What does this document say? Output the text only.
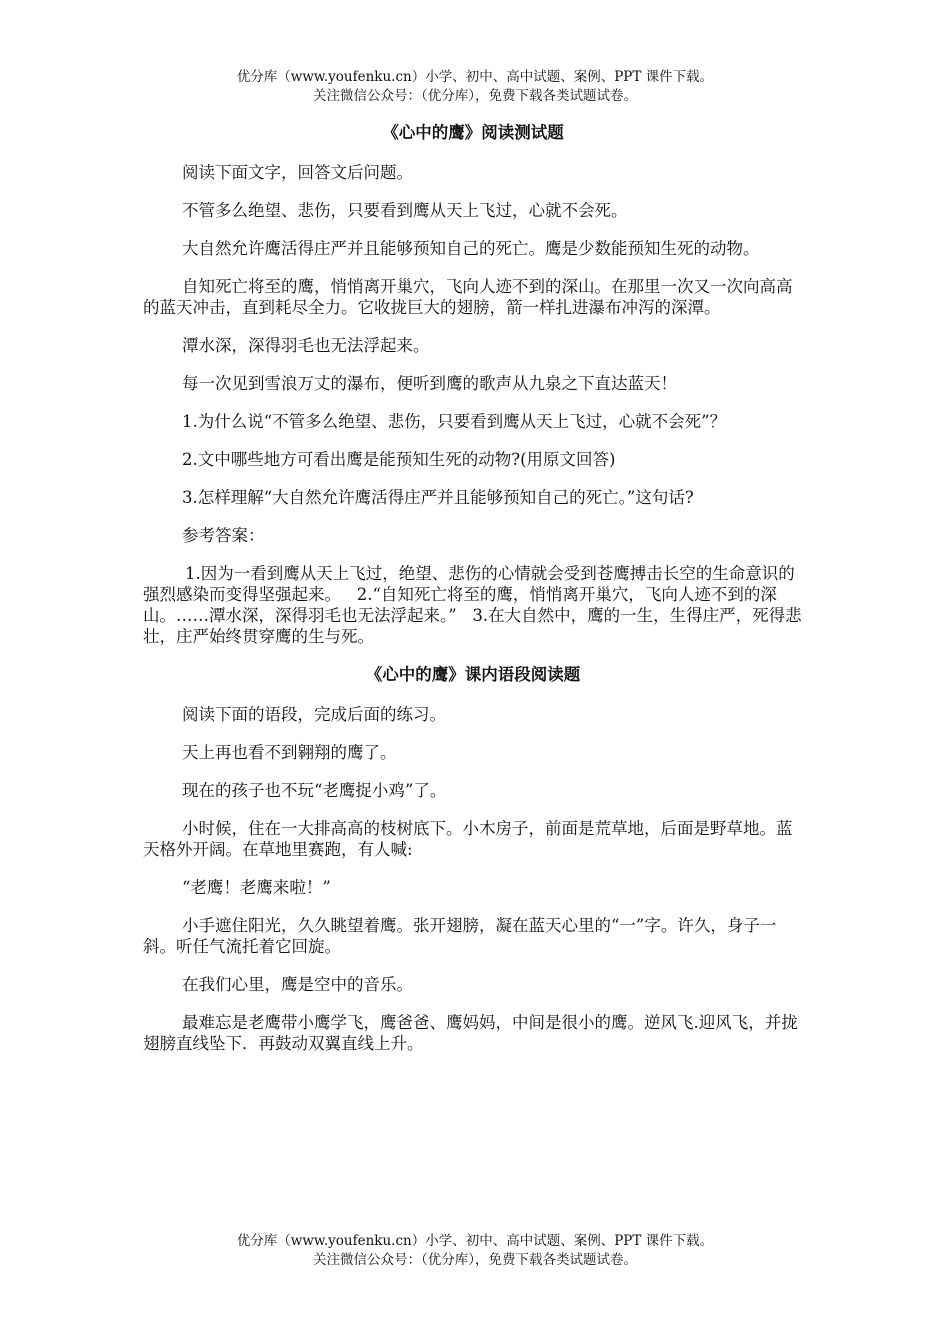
优分库（www.youfenku.cn）小学、初中、高中试题、案例、PPT 课件下载。
关注微信公众号：（优分库），免费下载各类试题试卷。
《心中的鹰》阅读测试题
阅读下面文字，回答文后问题。
不管多么绝望、悲伤，只要看到鹰从天上飞过，心就不会死。
大自然允许鹰活得庄严并且能够预知自己的死亡。鹰是少数能预知生死的动物。
自知死亡将至的鹰，悄悄离开巢穴，飞向人迹不到的深山。在那里一次又一次向高高的蓝天冲击，直到耗尽全力。它收拢巨大的翅膀，箭一样扎进瀑布冲泻的深潭。
潭水深，深得羽毛也无法浮起来。
每一次见到雪浪万丈的瀑布，便听到鹰的歌声从九泉之下直达蓝天！
1.为什么说“不管多么绝望、悲伤，只要看到鹰从天上飞过，心就不会死”？
2.文中哪些地方可看出鹰是能预知生死的动物?(用原文回答)
3.怎样理解“大自然允许鹰活得庄严并且能够预知自己的死亡。”这句话?
参考答案：
1.因为一看到鹰从天上飞过，绝望、悲伤的心情就会受到苍鹰搏击长空的生命意识的强烈感染而变得坚强起来。   2.“自知死亡将至的鹰，悄悄离开巢穴，飞向人迹不到的深山。……潭水深，深得羽毛也无法浮起来。”   3.在大自然中，鹰的一生，生得庄严，死得悲壮，庄严始终贯穿鹰的生与死。
《心中的鹰》课内语段阅读题
阅读下面的语段，完成后面的练习。
天上再也看不到翱翔的鹰了。
现在的孩子也不玩“老鹰捉小鸡”了。
小时候，住在一大排高高的枝树底下。小木房子，前面是荒草地，后面是野草地。蓝天格外开阔。在草地里赛跑，有人喊:
“老鹰！老鹰来啦！”
小手遮住阳光，久久眺望着鹰。张开翅膀，凝在蓝天心里的“一”字。许久，身子一斜。听任气流托着它回旋。
在我们心里，鹰是空中的音乐。
最难忘是老鹰带小鹰学飞，鹰爸爸、鹰妈妈，中间是很小的鹰。逆风飞.迎风飞，并拢翅膀直线坠下．再鼓动双翼直线上升。
优分库（www.youfenku.cn）小学、初中、高中试题、案例、PPT 课件下载。
关注微信公众号：（优分库），免费下载各类试题试卷。
